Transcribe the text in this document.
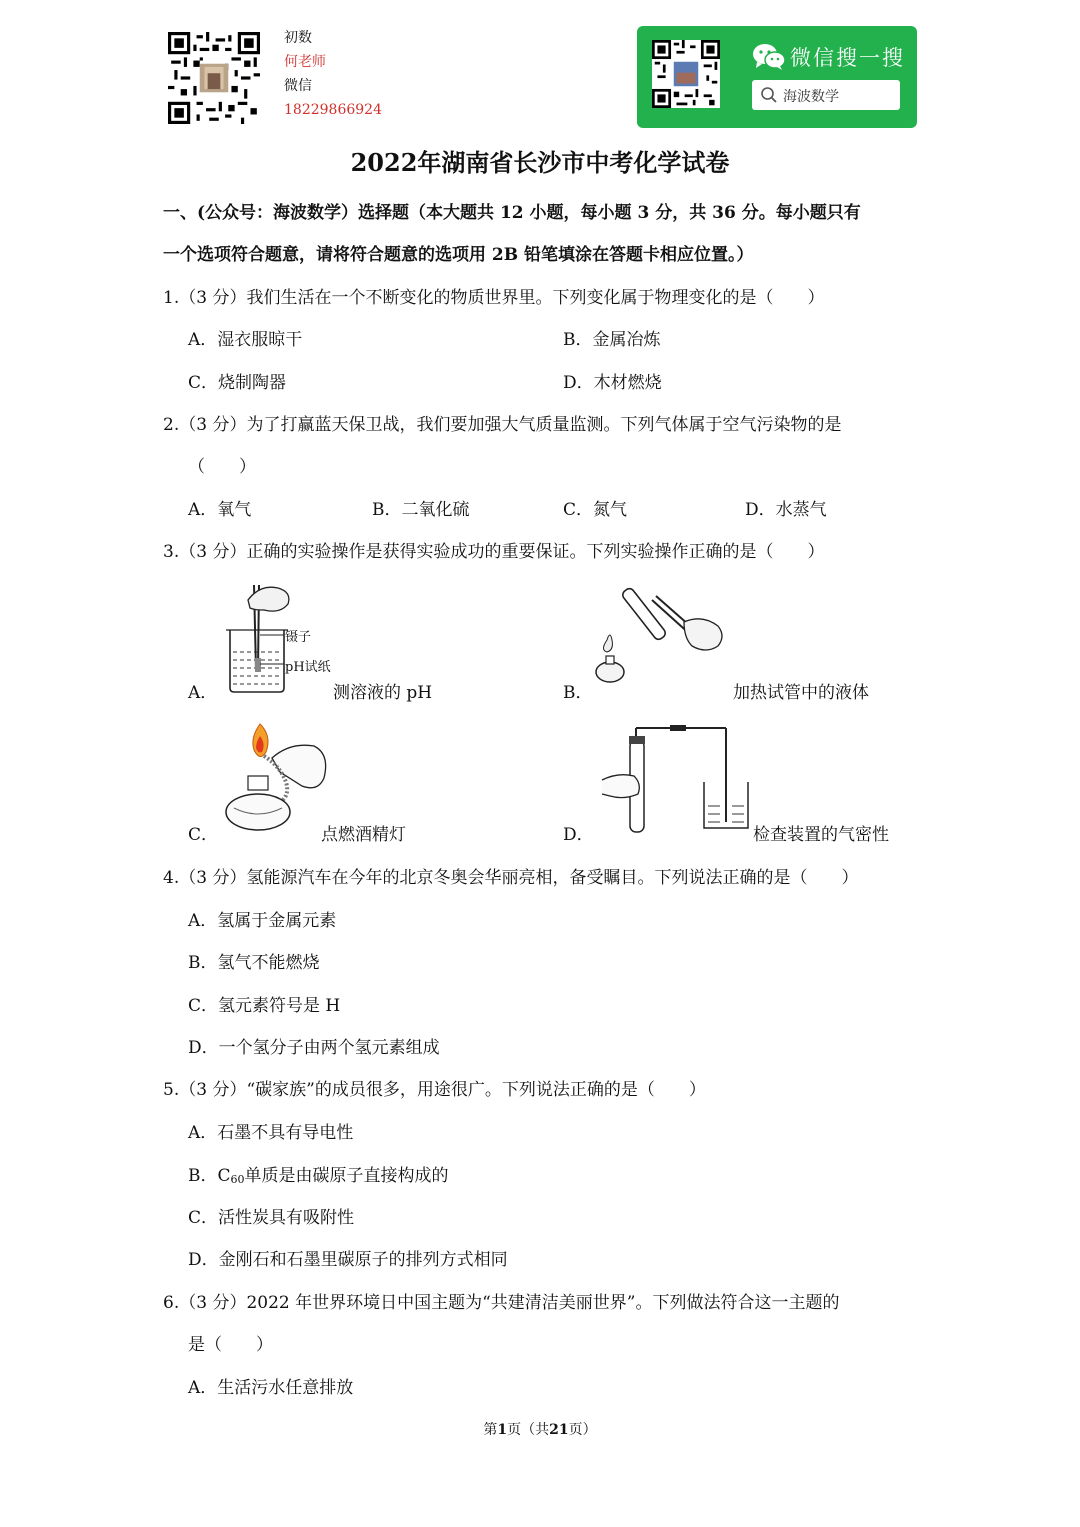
初数
何老师
微信
18229866924
微信搜一搜
海波数学
2022年湖南省长沙市中考化学试卷
一、(公众号：海波数学）选择题（本大题共 12 小题，每小题 3 分，共 36 分。每小题只有
一个选项符合题意，请将符合题意的选项用 2B 铅笔填涂在答题卡相应位置。）
1.（3 分）我们生活在一个不断变化的物质世界里。下列变化属于物理变化的是（　　）
A．湿衣服晾干	B．金属冶炼
C．烧制陶器	D．木材燃烧
2.（3 分）为了打赢蓝天保卫战，我们要加强大气质量监测。下列气体属于空气污染物的是
（　　）
A．氧气	B．二氧化硫	C．氮气	D．水蒸气
3.（3 分）正确的实验操作是获得实验成功的重要保证。下列实验操作正确的是（　　）
镊子
pH试纸
A．	测溶液的 pH	B．	加热试管中的液体
C．	点燃酒精灯	D．	检查装置的气密性
4.（3 分）氢能源汽车在今年的北京冬奥会华丽亮相，备受瞩目。下列说法正确的是（　　）
A．氢属于金属元素
B．氢气不能燃烧
C．氢元素符号是 H
D．一个氢分子由两个氢元素组成
5.（3 分）“碳家族”的成员很多，用途很广。下列说法正确的是（　　）
A．石墨不具有导电性
B．$C_{60}$单质是由碳原子直接构成的
C．活性炭具有吸附性
D．金刚石和石墨里碳原子的排列方式相同
6.（3 分）2022 年世界环境日中国主题为“共建清洁美丽世界”。下列做法符合这一主题的
是（　　）
A．生活污水任意排放
第1页（共21页）
